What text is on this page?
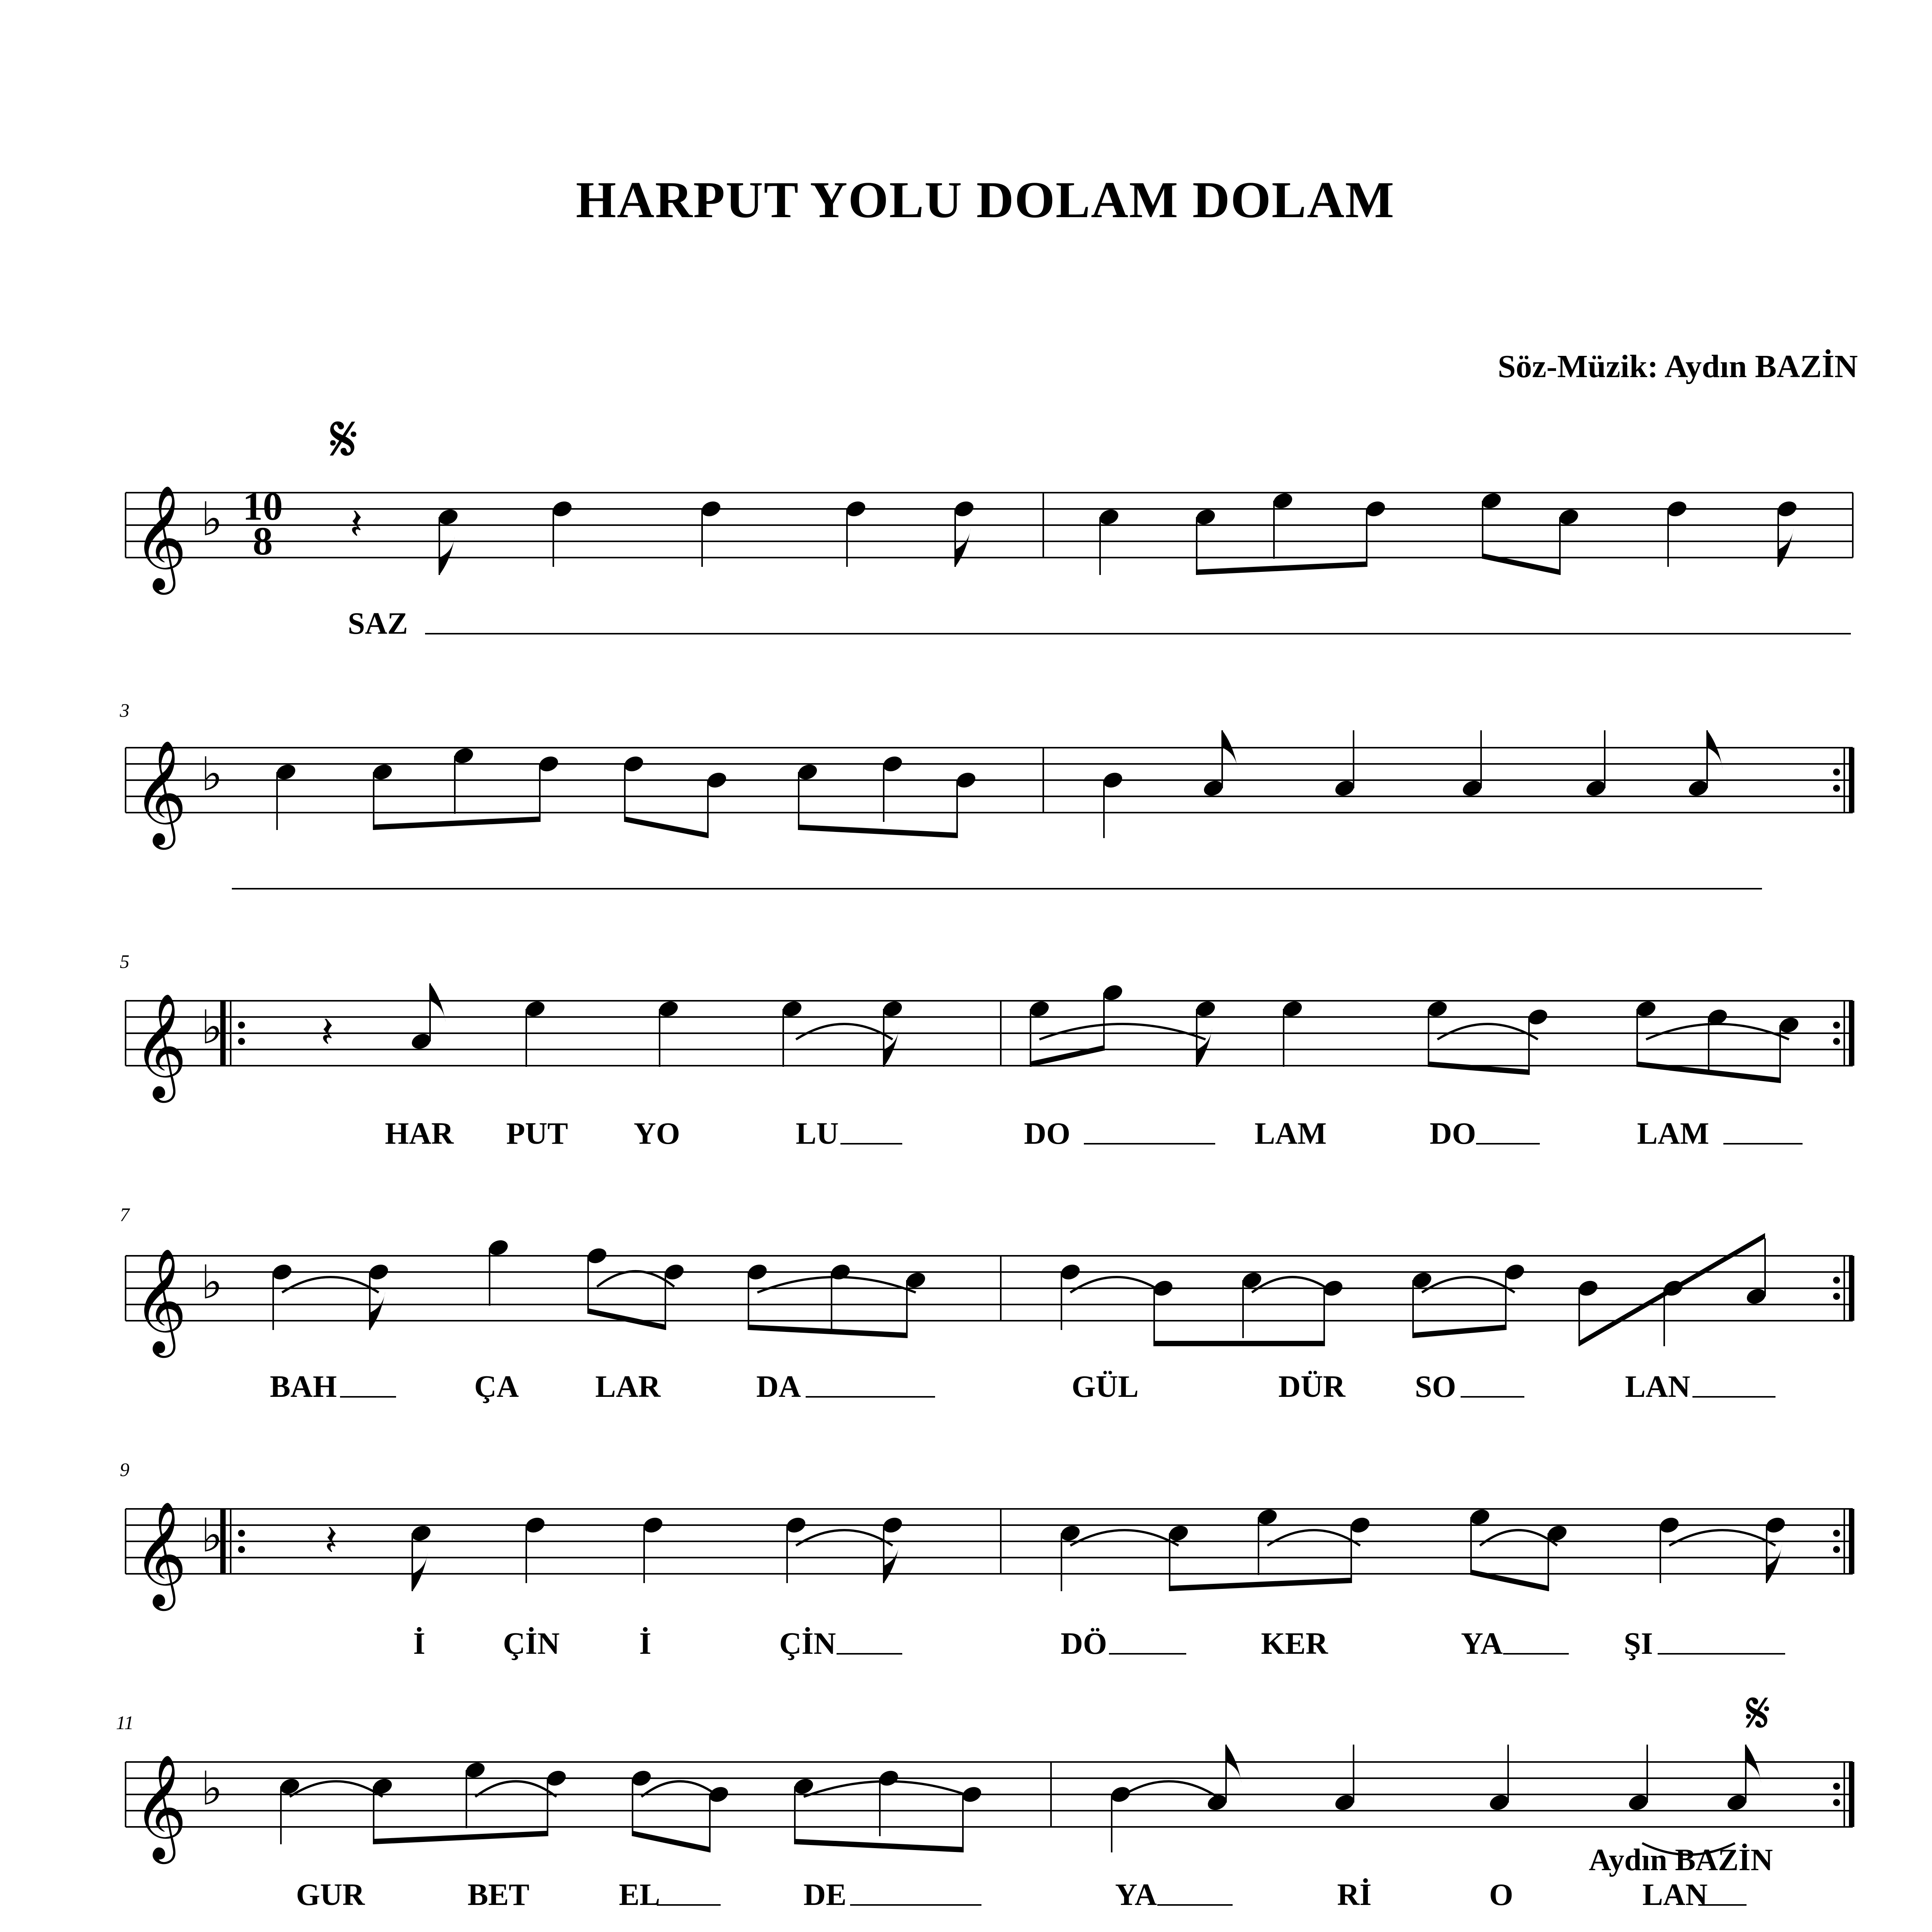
HARPUT YOLU DOLAM DOLAM
Söz-Müzik: Aydın BAZİN
𝄞 ♭
𝄞 ♭
𝄞 ♭
𝄞 ♭
𝄞 ♭
𝄞 ♭
𝄽
𝄽
𝄽
10
8
𝄋
𝄋
3
5
7
9
11
SAZ
Aydın BAZİN
HAR PUT YO	LU	DO	LAM	DO	LAM
BAH	ÇA LAR	DA	GÜL	DÜR SO	LAN
İ	ÇİN	İ	ÇİN	DÖ	KER	YA	ŞI
GUR	BET	EL	DE	YA	Rİ	O	LAN
